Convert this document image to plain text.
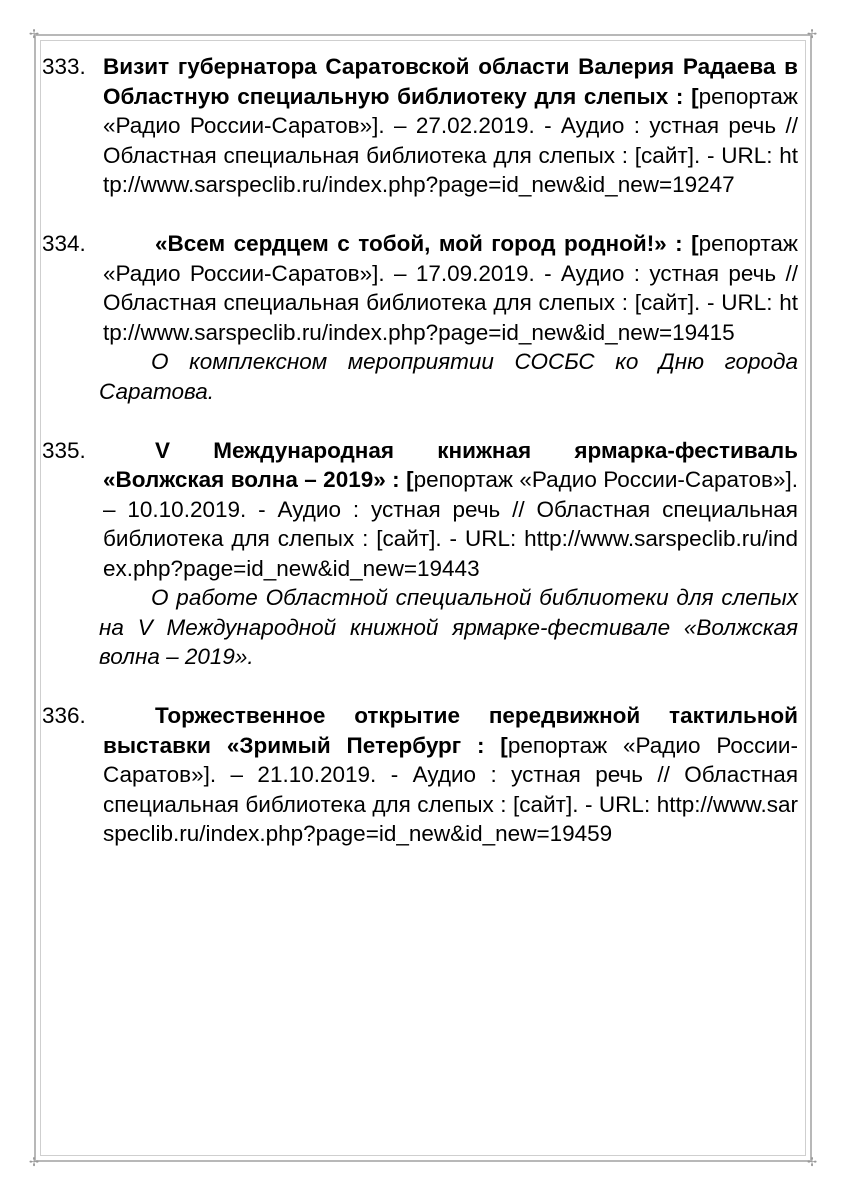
✢	✢
✢	✢
333. Визит губернатора Саратовской области Валерия Радаева в Областную специальную библиотеку для слепых : [репортаж «Радио России-Саратов»]. – 27.02.2019. - Аудио : устная речь // Областная специальная библиотека для слепых : [сайт]. - URL: http://www.sarspeclib.ru/index.php?page=id_new&id_new=19247
334.	«Всем сердцем с тобой, мой город родной!» : [репортаж «Радио России-Саратов»]. – 17.09.2019. - Аудио : устная речь // Областная специальная библиотека для слепых : [сайт]. - URL: http://www.sarspeclib.ru/index.php?page=id_new&id_new=19415
О комплексном мероприятии СОСБС ко Дню города Саратова.
335.	V Международная книжная ярмарка-фестиваль «Волжская волна – 2019» : [репортаж «Радио России-Саратов»]. – 10.10.2019. - Аудио : устная речь // Областная специальная библиотека для слепых : [сайт]. - URL: http://www.sarspeclib.ru/index.php?page=id_new&id_new=19443
О работе Областной специальной библиотеки для слепых на V Международной книжной ярмарке-фестивале «Волжская волна – 2019».
336.	Торжественное открытие передвижной тактильной выставки «Зримый Петербург : [репортаж «Радио России-Саратов»]. – 21.10.2019. - Аудио : устная речь // Областная специальная библиотека для слепых : [сайт]. - URL: http://www.sarspeclib.ru/index.php?page=id_new&id_new=19459
